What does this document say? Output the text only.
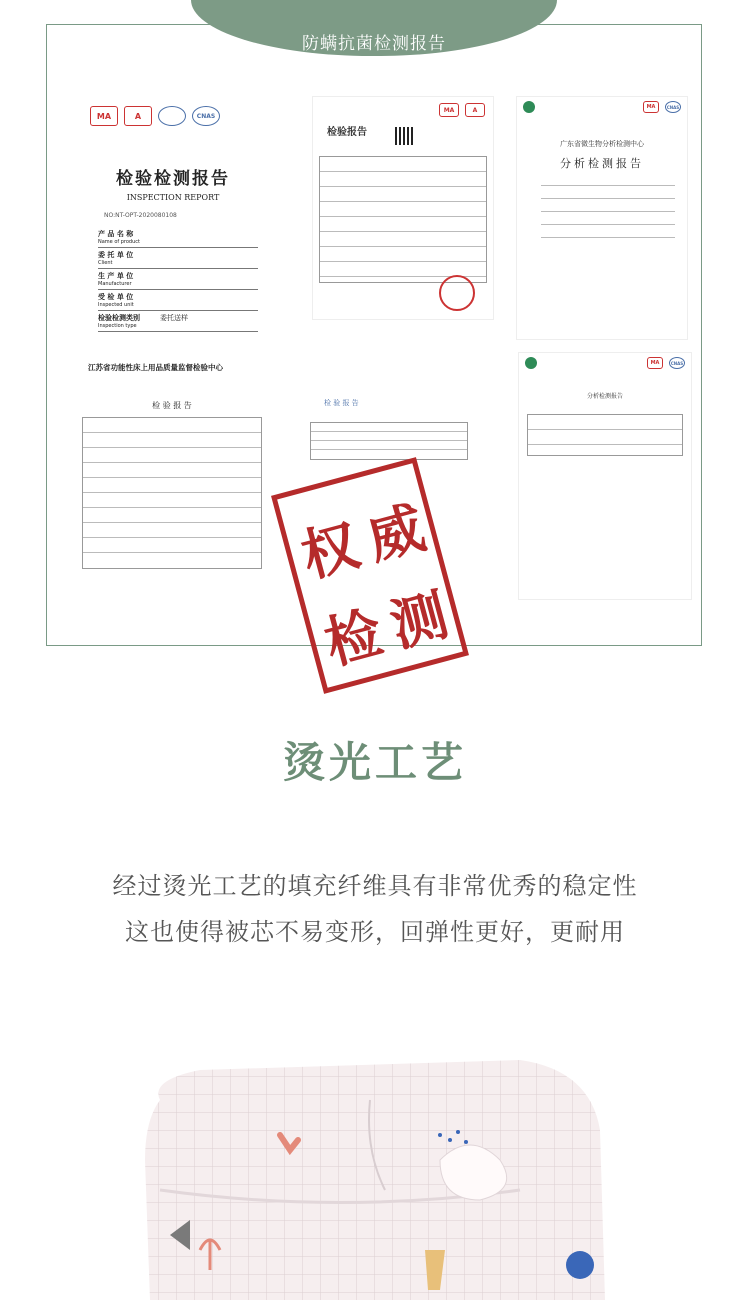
防螨抗菌检测报告
MA	A	CNAS
检验检测报告
INSPECTION REPORT
NO:NT-OPT-2020080108
产 品 名 称
Name of product
委 托 单 位
Client
生 产 单 位
Manufacturer
受 检 单 位
Inspected unit
检验检测类别
Inspection type
委托送样
江苏省功能性床上用品质量监督检验中心
MA	A
检验报告
MA	CNAS
广东省微生物分析检测中心
分析检测报告
检 验 报 告	检 验 报 告
MA	CNAS
分析检测报告
权
威
检
测
烫光工艺
经过烫光工艺的填充纤维具有非常优秀的稳定性
这也使得被芯不易变形，回弹性更好，更耐用
